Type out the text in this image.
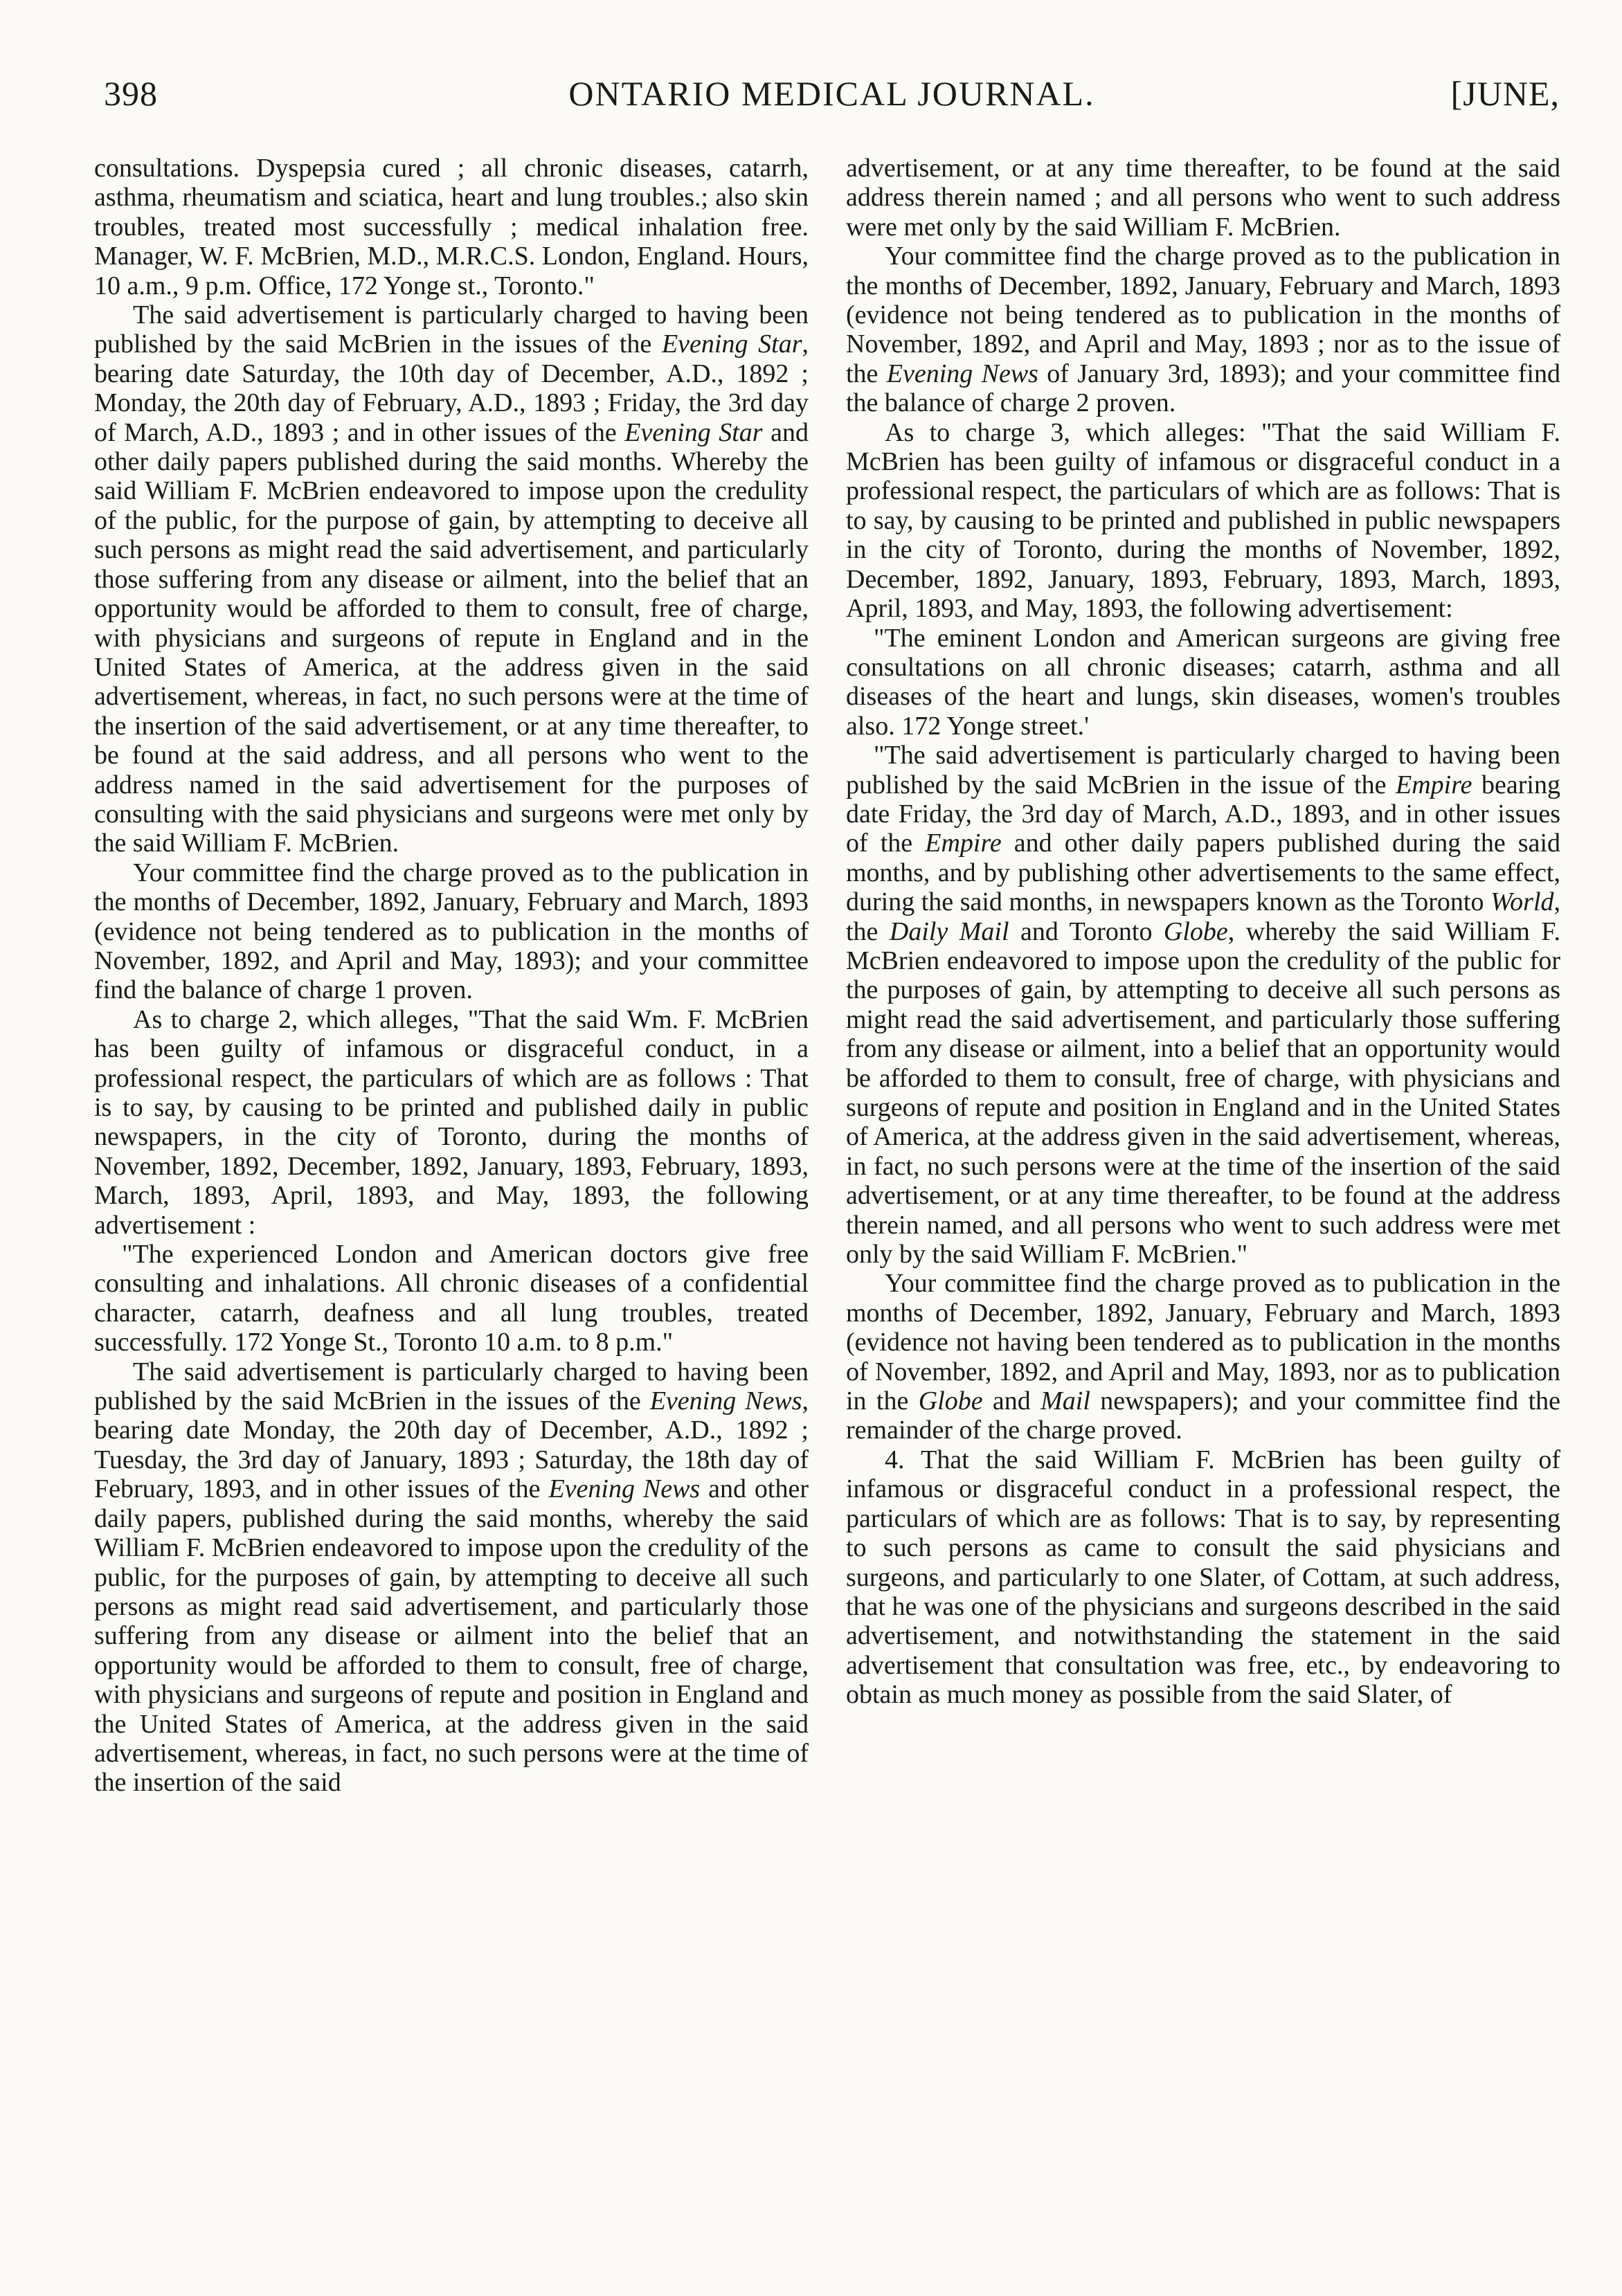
398	ONTARIO MEDICAL JOURNAL.	[JUNE,

consultations. Dyspepsia cured ; all chronic diseases, catarrh, asthma, rheumatism and sciatica, heart and lung troubles.; also skin troubles, treated most successfully ; medical inhalation free. Manager, W. F. McBrien, M.D., M.R.C.S. London, England. Hours, 10 a.m., 9 p.m. Office, 172 Yonge st., Toronto."

The said advertisement is particularly charged to having been published by the said McBrien in the issues of the Evening Star, bearing date Saturday, the 10th day of December, A.D., 1892 ; Monday, the 20th day of February, A.D., 1893 ; Friday, the 3rd day of March, A.D., 1893 ; and in other issues of the Evening Star and other daily papers published during the said months. Whereby the said William F. McBrien endeavored to impose upon the credulity of the public, for the purpose of gain, by attempting to deceive all such persons as might read the said advertisement, and particularly those suffering from any disease or ailment, into the belief that an opportunity would be afforded to them to consult, free of charge, with physicians and surgeons of repute in England and in the United States of America, at the address given in the said advertisement, whereas, in fact, no such persons were at the time of the insertion of the said advertisement, or at any time thereafter, to be found at the said address, and all persons who went to the address named in the said advertisement for the purposes of consulting with the said physicians and surgeons were met only by the said William F. McBrien.

Your committee find the charge proved as to the publication in the months of December, 1892, January, February and March, 1893 (evidence not being tendered as to publication in the months of November, 1892, and April and May, 1893); and your committee find the balance of charge 1 proven.

As to charge 2, which alleges, "That the said Wm. F. McBrien has been guilty of infamous or disgraceful conduct, in a professional respect, the particulars of which are as follows : That is to say, by causing to be printed and published daily in public newspapers, in the city of Toronto, during the months of November, 1892, December, 1892, January, 1893, February, 1893, March, 1893, April, 1893, and May, 1893, the following advertisement :

"The experienced London and American doctors give free consulting and inhalations. All chronic diseases of a confidential character, catarrh, deafness and all lung troubles, treated successfully. 172 Yonge St., Toronto 10 a.m. to 8 p.m."

The said advertisement is particularly charged to having been published by the said McBrien in the issues of the Evening News, bearing date Monday, the 20th day of December, A.D., 1892 ; Tuesday, the 3rd day of January, 1893 ; Saturday, the 18th day of February, 1893, and in other issues of the Evening News and other daily papers, published during the said months, whereby the said William F. McBrien endeavored to impose upon the credulity of the public, for the purposes of gain, by attempting to deceive all such persons as might read said advertisement, and particularly those suffering from any disease or ailment into the belief that an opportunity would be afforded to them to consult, free of charge, with physicians and surgeons of repute and position in England and the United States of America, at the address given in the said advertisement, whereas, in fact, no such persons were at the time of the insertion of the said

advertisement, or at any time thereafter, to be found at the said address therein named ; and all persons who went to such address were met only by the said William F. McBrien.

Your committee find the charge proved as to the publication in the months of December, 1892, January, February and March, 1893 (evidence not being tendered as to publication in the months of November, 1892, and April and May, 1893 ; nor as to the issue of the Evening News of January 3rd, 1893); and your committee find the balance of charge 2 proven.

As to charge 3, which alleges: "That the said William F. McBrien has been guilty of infamous or disgraceful conduct in a professional respect, the particulars of which are as follows: That is to say, by causing to be printed and published in public newspapers in the city of Toronto, during the months of November, 1892, December, 1892, January, 1893, February, 1893, March, 1893, April, 1893, and May, 1893, the following advertisement:

"The eminent London and American surgeons are giving free consultations on all chronic diseases; catarrh, asthma and all diseases of the heart and lungs, skin diseases, women's troubles also. 172 Yonge street.'

"The said advertisement is particularly charged to having been published by the said McBrien in the issue of the Empire bearing date Friday, the 3rd day of March, A.D., 1893, and in other issues of the Empire and other daily papers published during the said months, and by publishing other advertisements to the same effect, during the said months, in newspapers known as the Toronto World, the Daily Mail and Toronto Globe, whereby the said William F. McBrien endeavored to impose upon the credulity of the public for the purposes of gain, by attempting to deceive all such persons as might read the said advertisement, and particularly those suffering from any disease or ailment, into a belief that an opportunity would be afforded to them to consult, free of charge, with physicians and surgeons of repute and position in England and in the United States of America, at the address given in the said advertisement, whereas, in fact, no such persons were at the time of the insertion of the said advertisement, or at any time thereafter, to be found at the address therein named, and all persons who went to such address were met only by the said William F. McBrien."

Your committee find the charge proved as to publication in the months of December, 1892, January, February and March, 1893 (evidence not having been tendered as to publication in the months of November, 1892, and April and May, 1893, nor as to publication in the Globe and Mail newspapers); and your committee find the remainder of the charge proved.

4. That the said William F. McBrien has been guilty of infamous or disgraceful conduct in a professional respect, the particulars of which are as follows: That is to say, by representing to such persons as came to consult the said physicians and surgeons, and particularly to one Slater, of Cottam, at such address, that he was one of the physicians and surgeons described in the said advertisement, and notwithstanding the statement in the said advertisement that consultation was free, etc., by endeavoring to obtain as much money as possible from the said Slater, of
